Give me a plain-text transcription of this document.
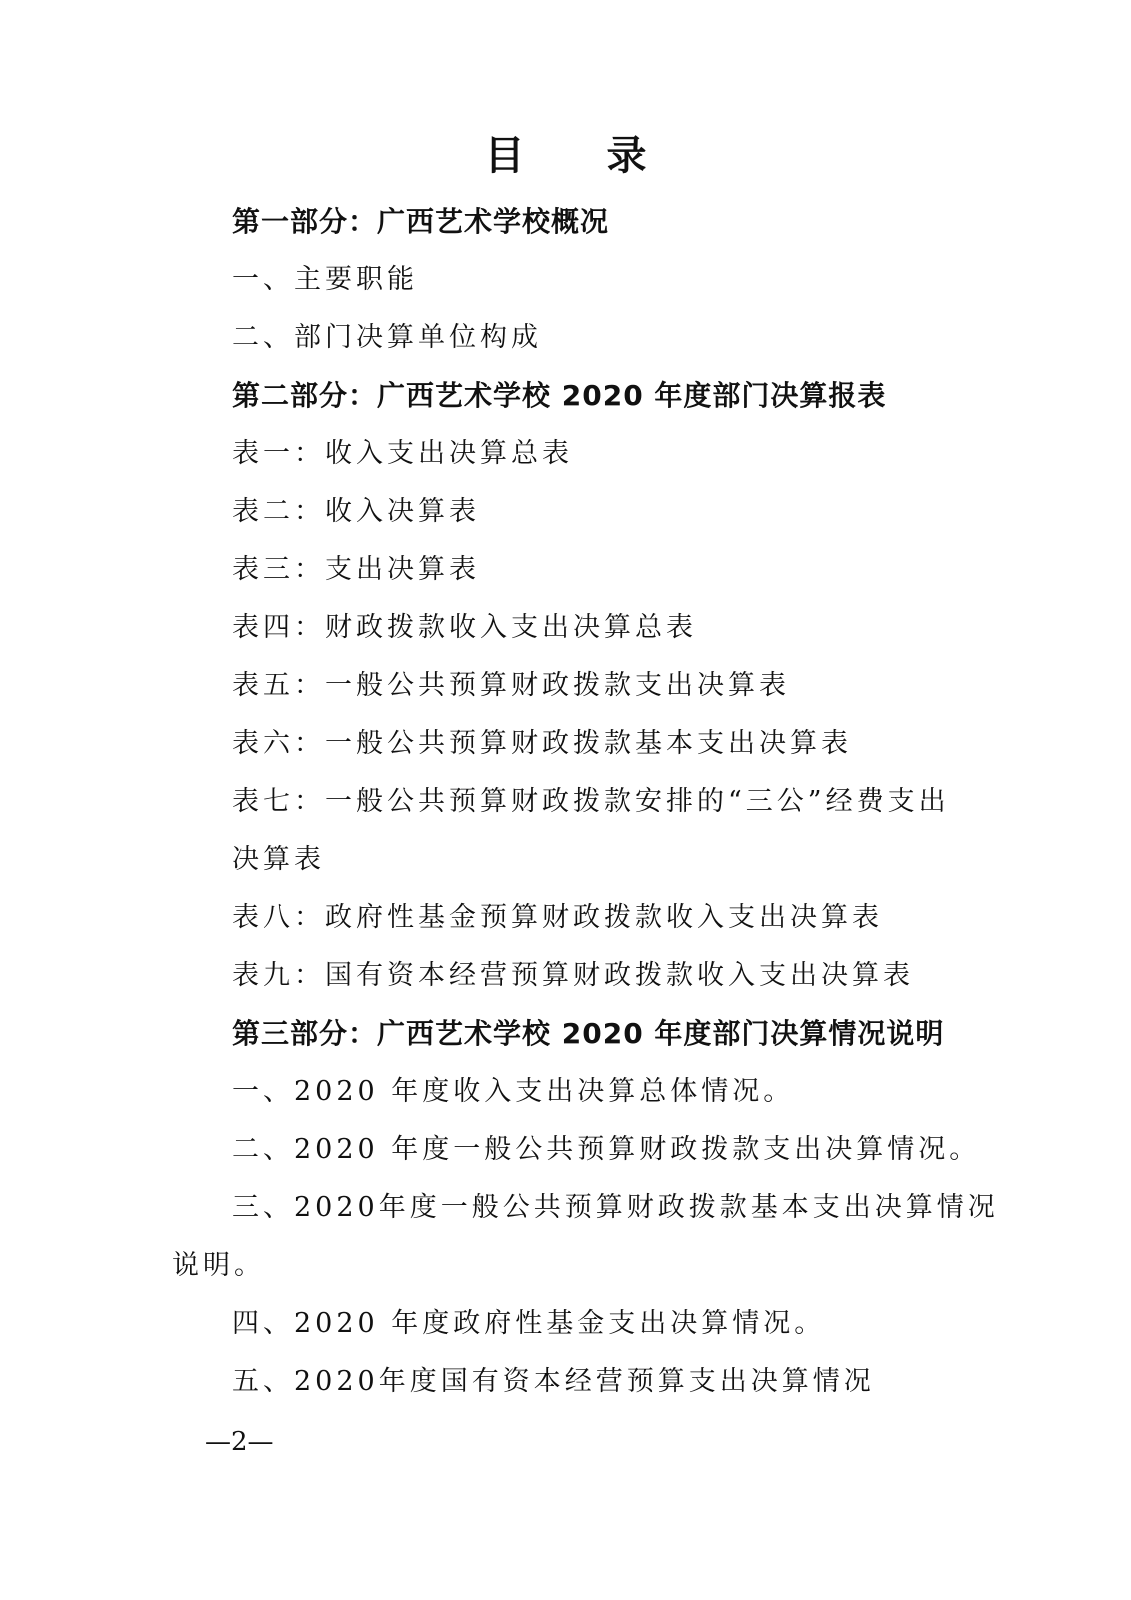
目录
第一部分：广西艺术学校概况
一、主要职能
二、部门决算单位构成
第二部分：广西艺术学校 2020 年度部门决算报表
表一：收入支出决算总表
表二：收入决算表
表三：支出决算表
表四：财政拨款收入支出决算总表
表五：一般公共预算财政拨款支出决算表
表六：一般公共预算财政拨款基本支出决算表
表七：一般公共预算财政拨款安排的“三公”经费支出
决算表
表八：政府性基金预算财政拨款收入支出决算表
表九：国有资本经营预算财政拨款收入支出决算表
第三部分：广西艺术学校 2020 年度部门决算情况说明
一、2020 年度收入支出决算总体情况。
二、2020 年度一般公共预算财政拨款支出决算情况。
三、2020年度一般公共预算财政拨款基本支出决算情况
说明。
四、2020 年度政府性基金支出决算情况。
五、2020年度国有资本经营预算支出决算情况
—2—
